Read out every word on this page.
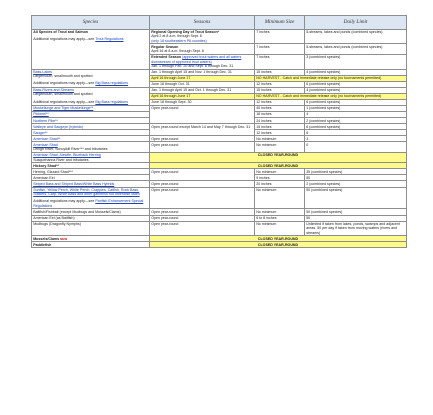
Species	Seasons	Minimum Size	Daily Limit
All Species of Trout and Salmon
Additional regulations may apply—see Trout Regulations	Regional Opening Day of Trout Season*
April 2 at 8 a.m. through Sept. 6
(only 18 southeastern PA counties)	7 inches	5-streams, lakes and ponds (combined species)
	Regular Season
April 16 at 8 a.m. through Sept. 6	7 inches	5-streams, lakes and ponds (combined species)
	Extended Season (approved trout waters and all waters downstream of approved trout waters)
Jan. 1 through Feb. 20 and Sept. 6 through Dec. 31	7 inches	3 (combined species)
Bass-Lakes
Largemouth, smallmouth and spotted
Additional regulations may apply—see Big Bass regulations	Jan. 1 through April 15 and Nov. 1 through Dec. 31	15 inches	4 (combined species)
	April 16 through June 17	NO HARVEST - Catch and immediate release only (no tournaments permitted)	
	June 18 through Oct. 31	12 inches	6 (combined species)
Bass-Rivers and Streams
Largemouth, smallmouth and spotted
Additional regulations may apply—see Big Bass regulations	Jan. 1 through April 15 and Oct. 1 through Dec. 31	15 inches	4 (combined species)
	April 16 through June 17	NO HARVEST - Catch and immediate release only (no tournaments permitted)	
	June 18 through Sept. 30	12 inches	6 (combined species)
Muskellunge and Tiger Muskellunge**	Open year-round	40 inches	1 (combined species)
Pickerel**		18 inches	4
Northern Pike**		24 inches	2 (combined species)
Walleye and Saugeye (hybrids)	Open year-round except March 14 and May 7 through Dec. 31	15 inches	6 (combined species)
Sauger**		12 inches	6
American Shad**	Open year-round	No minimum	3
American Shad
Lehigh River, Schuylkill River*** and tributaries	Open year-round	No minimum	0
American Shad, Alewife, Blueback Herring
Susquehanna River and tributaries	CLOSED YEAR-ROUND		
Hickory Shad**	CLOSED YEAR-ROUND		
Herring, Gizzard Shad***	Open year-round	No minimum	35 (combined species)
American Eel		9 inches	50
Striped Bass and Striped Bass/White Bass Hybrids	Open year-round	20 inches	2 (combined species)
Sunfish, Yellow Perch, White Perch, Crappies, Catfish, Rock Bass, Suckers, Carp, White Bass and other gamefish not otherwise listed
Additional regulations may apply—see Panfish Enhancement Special Regulations	Open year-round	No minimum	50 (combined species)
Baitfish/Fishbait (except Mudbugs and Mussels/Clams)	Open year-round	No minimum	50 (combined species)
American Eel (as Baitfish)	Open year-round	6 to 8 inches	50
Mudbugs (Dragonfly Nymphs)	Open year-round	No minimum	Unlimited if taken from lakes, ponds, swamps and adjacent areas. 50 per day if taken from moving waters (rivers and streams)
Mussels/Clams NEW	CLOSED YEAR-ROUND		
Paddlefish	CLOSED YEAR-ROUND		
